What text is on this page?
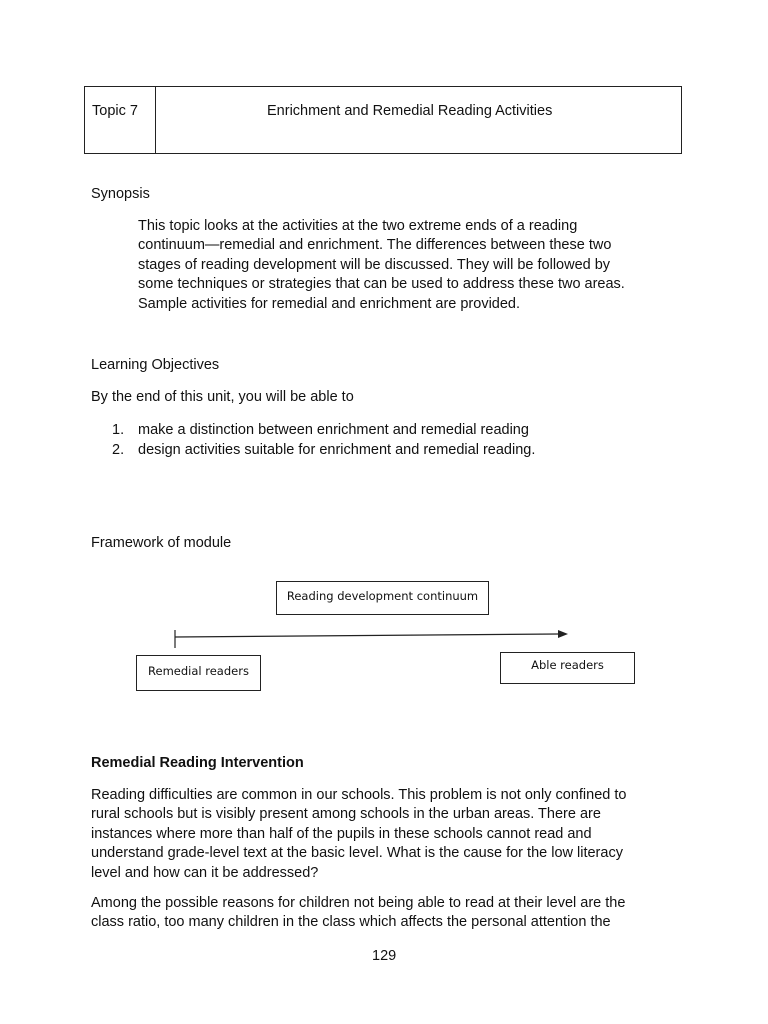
Topic 7	Enrichment and Remedial Reading Activities
Synopsis
This topic looks at the activities at the two extreme ends of a reading
continuum—remedial and enrichment. The differences between these two
stages of reading development will be discussed. They will be followed by
some techniques or strategies that can be used to address these two areas.
Sample activities for remedial and enrichment are provided.
Learning Objectives
By the end of this unit, you will be able to
1. make a distinction between enrichment and remedial reading
2. design activities suitable for enrichment and remedial reading.
Framework of module
Reading development continuum
Remedial readers	Able readers
Remedial Reading Intervention
Reading difficulties are common in our schools. This problem is not only confined to
rural schools but is visibly present among schools in the urban areas. There are
instances where more than half of the pupils in these schools cannot read and
understand grade-level text at the basic level. What is the cause for the low literacy
level and how can it be addressed?
Among the possible reasons for children not being able to read at their level are the
class ratio, too many children in the class which affects the personal attention the
129
